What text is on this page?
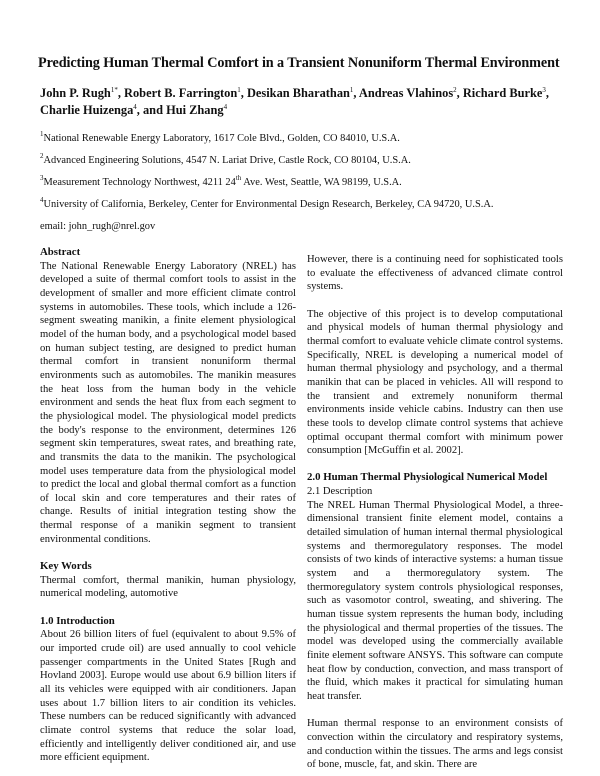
Predicting Human Thermal Comfort in a Transient Nonuniform Thermal Environment
John P. Rugh$^{1*}$, Robert B. Farrington$^1$, Desikan Bharathan$^1$, Andreas Vlahinos$^2$, Richard Burke$^3$,
Charlie Huizenga$^4$, and Hui Zhang$^4$
$^1$National Renewable Energy Laboratory, 1617 Cole Blvd., Golden, CO 84010, U.S.A.
$^2$Advanced Engineering Solutions, 4547 N. Lariat Drive, Castle Rock, CO 80104, U.S.A.
$^3$Measurement Technology Northwest, 4211 24th Ave. West, Seattle, WA 98199, U.S.A.
$^4$University of California, Berkeley, Center for Environmental Design Research, Berkeley, CA 94720, U.S.A.
email: john_rugh@nrel.gov
Abstract

The National Renewable Energy Laboratory (NREL) has developed a suite of thermal comfort tools to assist in the development of smaller and more efficient climate control systems in automobiles. These tools, which include a 126-segment sweating manikin, a finite element physiological model of the human body, and a psychological model based on human subject testing, are designed to predict human thermal comfort in transient nonuniform thermal environments such as automobiles. The manikin measures the heat loss from the human body in the vehicle environment and sends the heat flux from each segment to the physiological model. The physiological model predicts the body's response to the environment, determines 126 segment skin temperatures, sweat rates, and breathing rate, and transmits the data to the manikin. The psychological model uses temperature data from the physiological model to predict the local and global thermal comfort as a function of local skin and core temperatures and their rates of change. Results of initial integration testing show the thermal response of a manikin segment to transient environmental conditions.

Key Words

Thermal comfort, thermal manikin, human physiology, numerical modeling, automotive

1.0 Introduction

About 26 billion liters of fuel (equivalent to about 9.5% of our imported crude oil) are used annually to cool vehicle passenger compartments in the United States [Rugh and Hovland 2003]. Europe would use about 6.9 billion liters if all its vehicles were equipped with air conditioners. Japan uses about 1.7 billion liters to air condition its vehicles. These numbers can be reduced significantly with advanced climate control systems that reduce the solar load, efficiently and intelligently deliver conditioned air, and use more efficient equipment.

However, there is a continuing need for sophisticated tools to evaluate the effectiveness of advanced climate control systems.

The objective of this project is to develop computational and physical models of human thermal physiology and thermal comfort to evaluate vehicle climate control systems. Specifically, NREL is developing a numerical model of human thermal physiology and psychology, and a thermal manikin that can be placed in vehicles. All will respond to the transient and extremely nonuniform thermal environments inside vehicle cabins. Industry can then use these tools to develop climate control systems that achieve optimal occupant thermal comfort with minimum power consumption [McGuffin et al. 2002].

2.0 Human Thermal Physiological Numerical Model
2.1 Description

The NREL Human Thermal Physiological Model, a three-dimensional transient finite element model, contains a detailed simulation of human internal thermal physiological systems and thermoregulatory responses. The model consists of two kinds of interactive systems: a human tissue system and a thermoregulatory system. The thermoregulatory system controls physiological responses, such as vasomotor control, sweating, and shivering. The human tissue system represents the human body, including the physiological and thermal properties of the tissues. The model was developed using the commercially available finite element software ANSYS. This software can compute heat flow by conduction, convection, and mass transport of the fluid, which makes it practical for simulating human heat transfer.

Human thermal response to an environment consists of convection within the circulatory and respiratory systems, and conduction within the tissues. The arms and legs consist of bone, muscle, fat, and skin. There are
